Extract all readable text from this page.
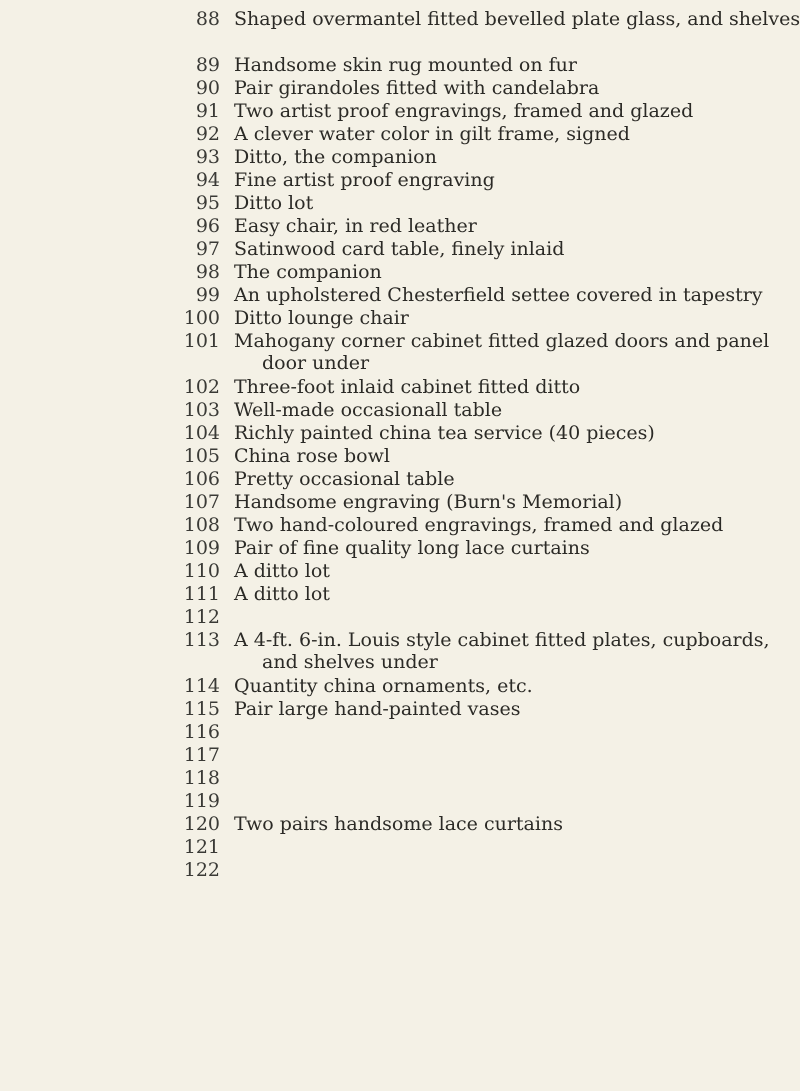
88 Shaped overmantel fitted bevelled plate glass, and shelves
89 Handsome skin rug mounted on fur
90 Pair girandoles fitted with candelabra
91 Two artist proof engravings, framed and glazed
92 A clever water color in gilt frame, signed
93 Ditto, the companion
94 Fine artist proof engraving
95 Ditto lot
96 Easy chair, in red leather
97 Satinwood card table, finely inlaid
98 The companion
99 An upholstered Chesterfield settee covered in tapestry
100 Ditto lounge chair
101 Mahogany corner cabinet fitted glazed doors and panel door under
102 Three-foot inlaid cabinet fitted ditto
103 Well-made occasionall table
104 Richly painted china tea service (40 pieces)
105 China rose bowl
106 Pretty occasional table
107 Handsome engraving (Burn's Memorial)
108 Two hand-coloured engravings, framed and glazed
109 Pair of fine quality long lace curtains
110 A ditto lot
111 A ditto lot
112
113 A 4-ft. 6-in. Louis style cabinet fitted plates, cupboards, and shelves under
114 Quantity china ornaments, etc.
115 Pair large hand-painted vases
116
117
118
119
120 Two pairs handsome lace curtains
121
122
